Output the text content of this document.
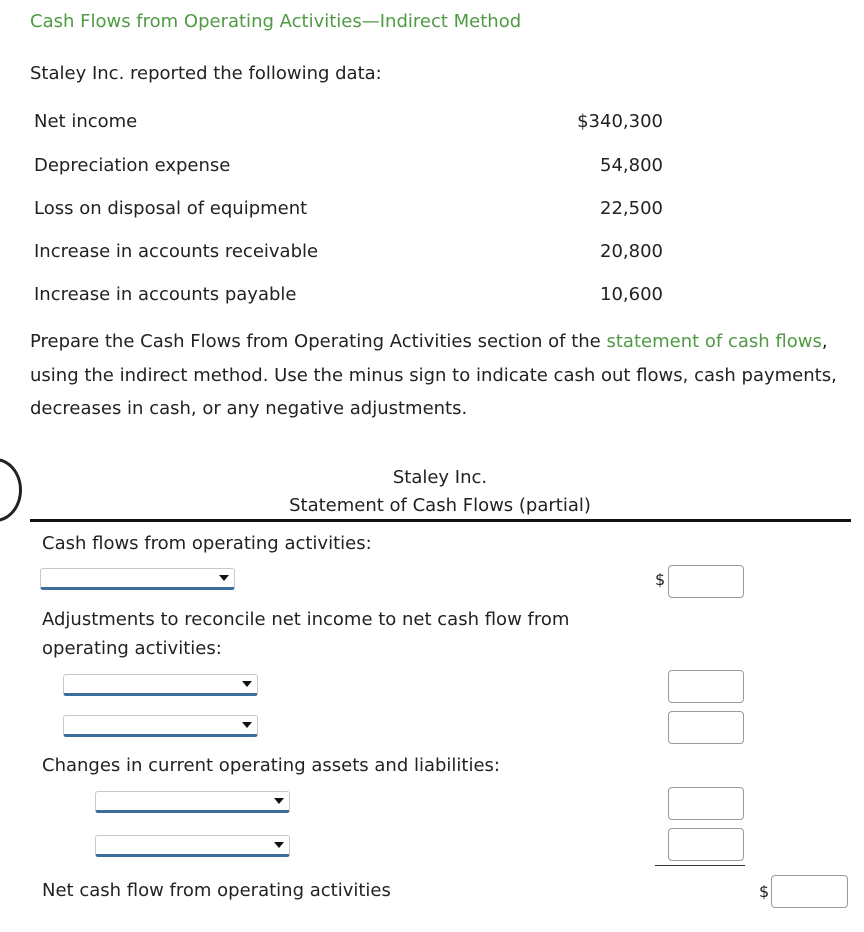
Cash Flows from Operating Activities—Indirect Method
Staley Inc. reported the following data:
Net income	$340,300
Depreciation expense	54,800
Loss on disposal of equipment	22,500
Increase in accounts receivable	20,800
Increase in accounts payable	10,600
Prepare the Cash Flows from Operating Activities section of the statement of cash flows, using the indirect method. Use the minus sign to indicate cash out flows, cash payments, decreases in cash, or any negative adjustments.
Staley Inc.
Statement of Cash Flows (partial)
Cash flows from operating activities:
$
Adjustments to reconcile net income to net cash flow from operating activities:
Changes in current operating assets and liabilities:
Net cash flow from operating activities	$
